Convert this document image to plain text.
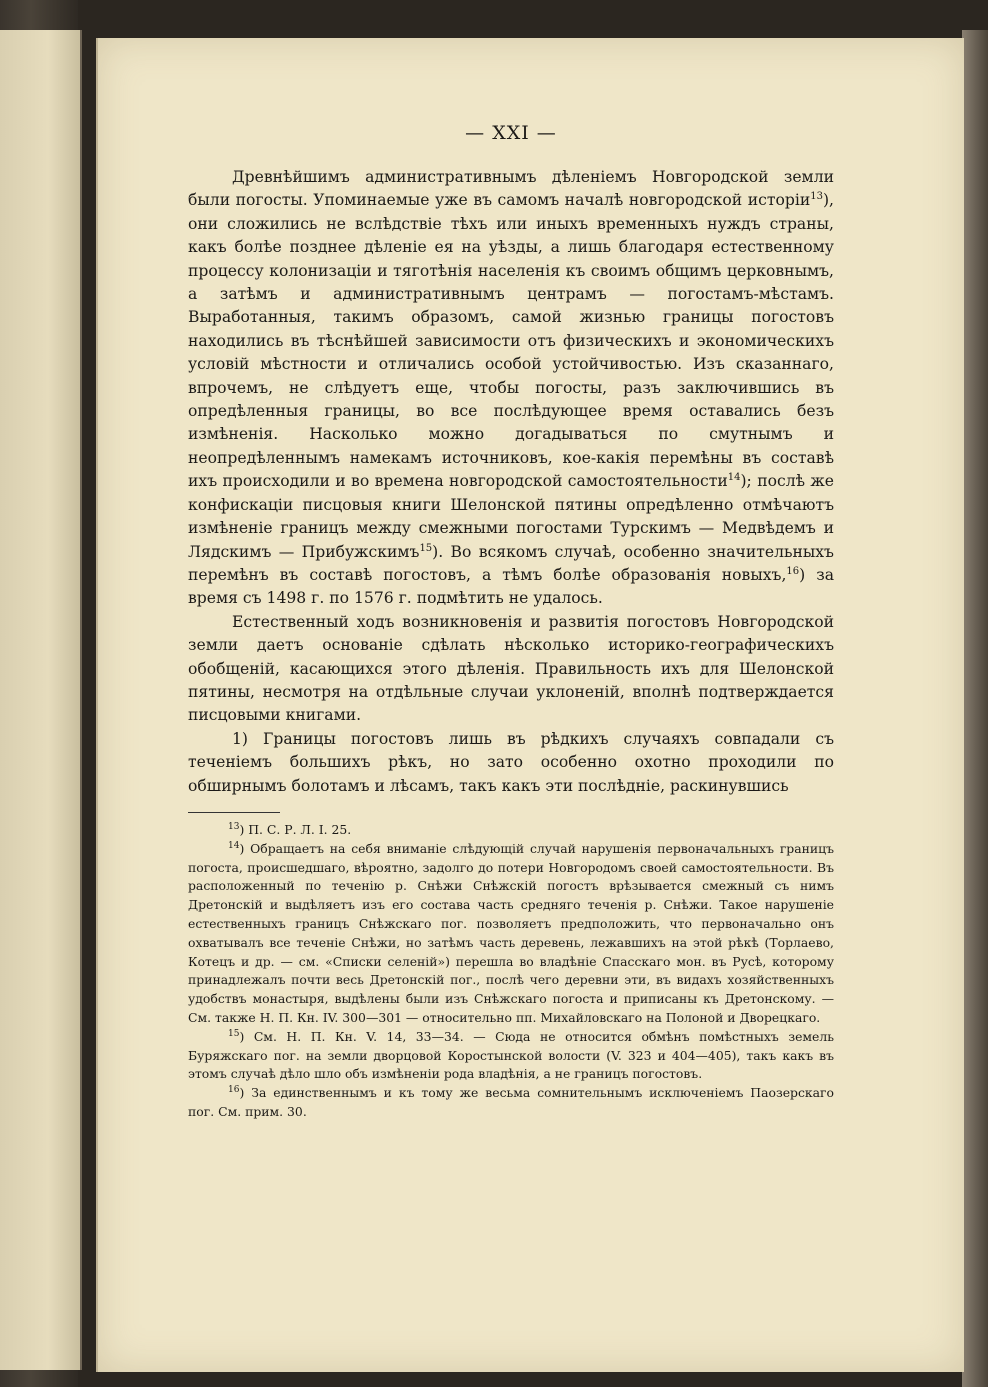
— XXI —

Древнѣйшимъ административнымъ дѣленіемъ Новгородской земли были погосты. Упоминаемые уже въ самомъ началѣ новгородской исторіи$^{13}$), они сложились не вслѣдствіе тѣхъ или иныхъ временныхъ нуждъ страны, какъ болѣе позднее дѣленіе ея на уѣзды, а лишь благодаря естественному процессу колонизаціи и тяготѣнія населенія къ своимъ общимъ церковнымъ, а затѣмъ и административнымъ центрамъ — погостамъ-мѣстамъ. Выработанныя, такимъ образомъ, самой жизнью границы погостовъ находились въ тѣснѣйшей зависимости отъ физическихъ и экономическихъ условій мѣстности и отличались особой устойчивостью. Изъ сказаннаго, впрочемъ, не слѣдуетъ еще, чтобы погосты, разъ заключившись въ опредѣленныя границы, во все послѣдующее время оставались безъ измѣненія. Насколько можно догадываться по смутнымъ и неопредѣленнымъ намекамъ источниковъ, кое-какія перемѣны въ составѣ ихъ происходили и во времена новгородской самостоятельности$^{14}$); послѣ же конфискаціи писцовыя книги Шелонской пятины опредѣленно отмѣчаютъ измѣненіе границъ между смежными погостами Турскимъ — Медвѣдемъ и Лядскимъ — Прибужскимъ$^{15}$). Во всякомъ случаѣ, особенно значительныхъ перемѣнъ въ составѣ погостовъ, а тѣмъ болѣе образованія новыхъ,$^{16}$) за время съ 1498 г. по 1576 г. подмѣтить не удалось.

Естественный ходъ возникновенія и развитія погостовъ Новгородской земли даетъ основаніе сдѣлать нѣсколько историко-географическихъ обобщеній, касающихся этого дѣленія. Правильность ихъ для Шелонской пятины, несмотря на отдѣльные случаи уклоненій, вполнѣ подтверждается писцовыми книгами.

1) Границы погостовъ лишь въ рѣдкихъ случаяхъ совпадали съ теченіемъ большихъ рѣкъ, но зато особенно охотно проходили по обширнымъ болотамъ и лѣсамъ, такъ какъ эти послѣдніе, раскинувшись

$^{13}$) П. С. Р. Л. І. 25.

$^{14}$) Обращаетъ на себя вниманіе слѣдующій случай нарушенія первоначальныхъ границъ погоста, происшедшаго, вѣроятно, задолго до потери Новгородомъ своей самостоятельности. Въ расположенный по теченію р. Снѣжи Снѣжскій погостъ врѣзывается смежный съ нимъ Дретонскій и выдѣляетъ изъ его состава часть средняго теченія р. Снѣжи. Такое нарушеніе естественныхъ границъ Снѣжскаго пог. позволяетъ предположить, что первоначально онъ охватывалъ все теченіе Снѣжи, но затѣмъ часть деревень, лежавшихъ на этой рѣкѣ (Торлаево, Котецъ и др. — см. «Списки селеній») перешла во владѣніе Спасскаго мон. въ Русѣ, которому принадлежалъ почти весь Дретонскій пог., послѣ чего деревни эти, въ видахъ хозяйственныхъ удобствъ монастыря, выдѣлены были изъ Снѣжскаго погоста и приписаны къ Дретонскому. — См. также Н. П. Кн. IV. 300—301 — относительно пп. Михайловскаго на Полоной и Дворецкаго.

$^{15}$) См. Н. П. Кн. V. 14, 33—34. — Сюда не относится обмѣнъ помѣстныхъ земель Буряжскаго пог. на земли дворцовой Коростынской волости (V. 323 и 404—405), такъ какъ въ этомъ случаѣ дѣло шло объ измѣненіи рода владѣнія, а не границъ погостовъ.

$^{16}$) За единственнымъ и къ тому же весьма сомнительнымъ исключеніемъ Паозерскаго пог. См. прим. 30.
